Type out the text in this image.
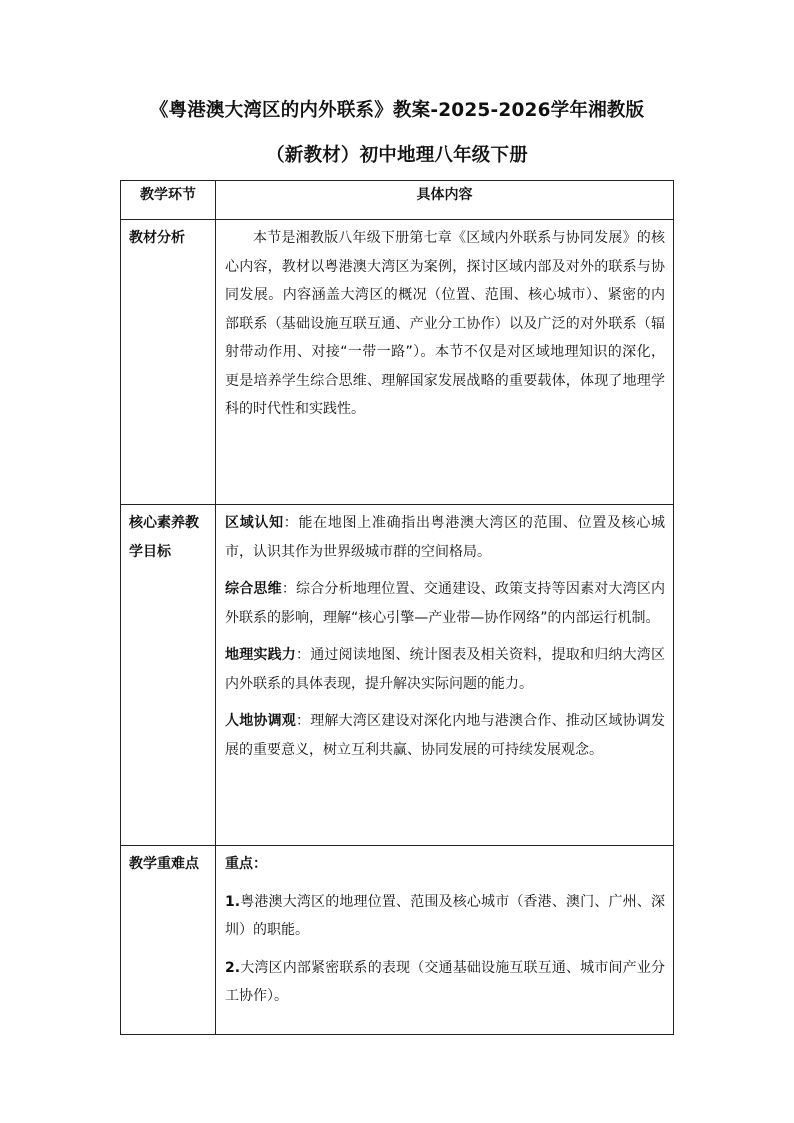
《粤港澳大湾区的内外联系》教案-2025-2026学年湘教版
（新教材）初中地理八年级下册
教学环节	具体内容
教材分析	本节是湘教版八年级下册第七章《区域内外联系与协同发展》的核心内容，教材以粤港澳大湾区为案例，探讨区域内部及对外的联系与协同发展。内容涵盖大湾区的概况（位置、范围、核心城市）、紧密的内部联系（基础设施互联互通、产业分工协作）以及广泛的对外联系（辐射带动作用、对接“一带一路”）。本节不仅是对区域地理知识的深化，更是培养学生综合思维、理解国家发展战略的重要载体，体现了地理学科的时代性和实践性。

核心素养教学目标	区域认知：能在地图上准确指出粤港澳大湾区的范围、位置及核心城市，认识其作为世界级城市群的空间格局。

综合思维：综合分析地理位置、交通建设、政策支持等因素对大湾区内外联系的影响，理解“核心引擎—产业带—协作网络”的内部运行机制。

地理实践力：通过阅读地图、统计图表及相关资料，提取和归纳大湾区内外联系的具体表现，提升解决实际问题的能力。

人地协调观：理解大湾区建设对深化内地与港澳合作、推动区域协调发展的重要意义，树立互利共赢、协同发展的可持续发展观念。

教学重难点	重点：

1.粤港澳大湾区的地理位置、范围及核心城市（香港、澳门、广州、深圳）的职能。

2.大湾区内部紧密联系的表现（交通基础设施互联互通、城市间产业分工协作）。
